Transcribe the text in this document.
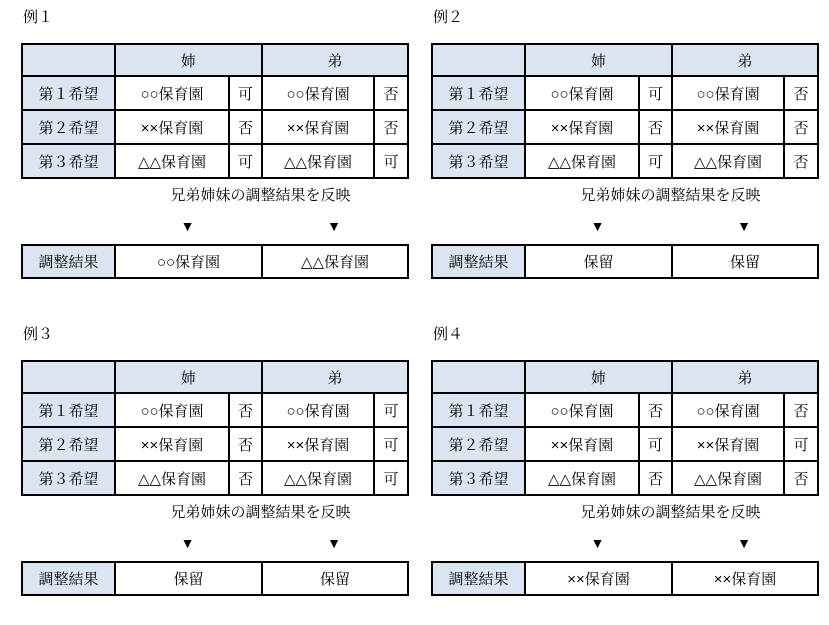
例１
	姉		弟	
第１希望	○○保育園	可	○○保育園	否
第２希望	××保育園	否	××保育園	否
第３希望	△△保育園	可	△△保育園	可
兄弟姉妹の調整結果を反映
▼	▼
調整結果	○○保育園	△△保育園
例２
	姉		弟	
第１希望	○○保育園	可	○○保育園	否
第２希望	××保育園	否	××保育園	否
第３希望	△△保育園	可	△△保育園	否
兄弟姉妹の調整結果を反映
▼	▼
調整結果	保留	保留
例３
	姉		弟	
第１希望	○○保育園	否	○○保育園	可
第２希望	××保育園	否	××保育園	可
第３希望	△△保育園	否	△△保育園	可
兄弟姉妹の調整結果を反映
▼	▼
調整結果	保留	保留
例４
	姉		弟	
第１希望	○○保育園	否	○○保育園	否
第２希望	××保育園	可	××保育園	可
第３希望	△△保育園	否	△△保育園	否
兄弟姉妹の調整結果を反映
▼	▼
調整結果	××保育園	××保育園
